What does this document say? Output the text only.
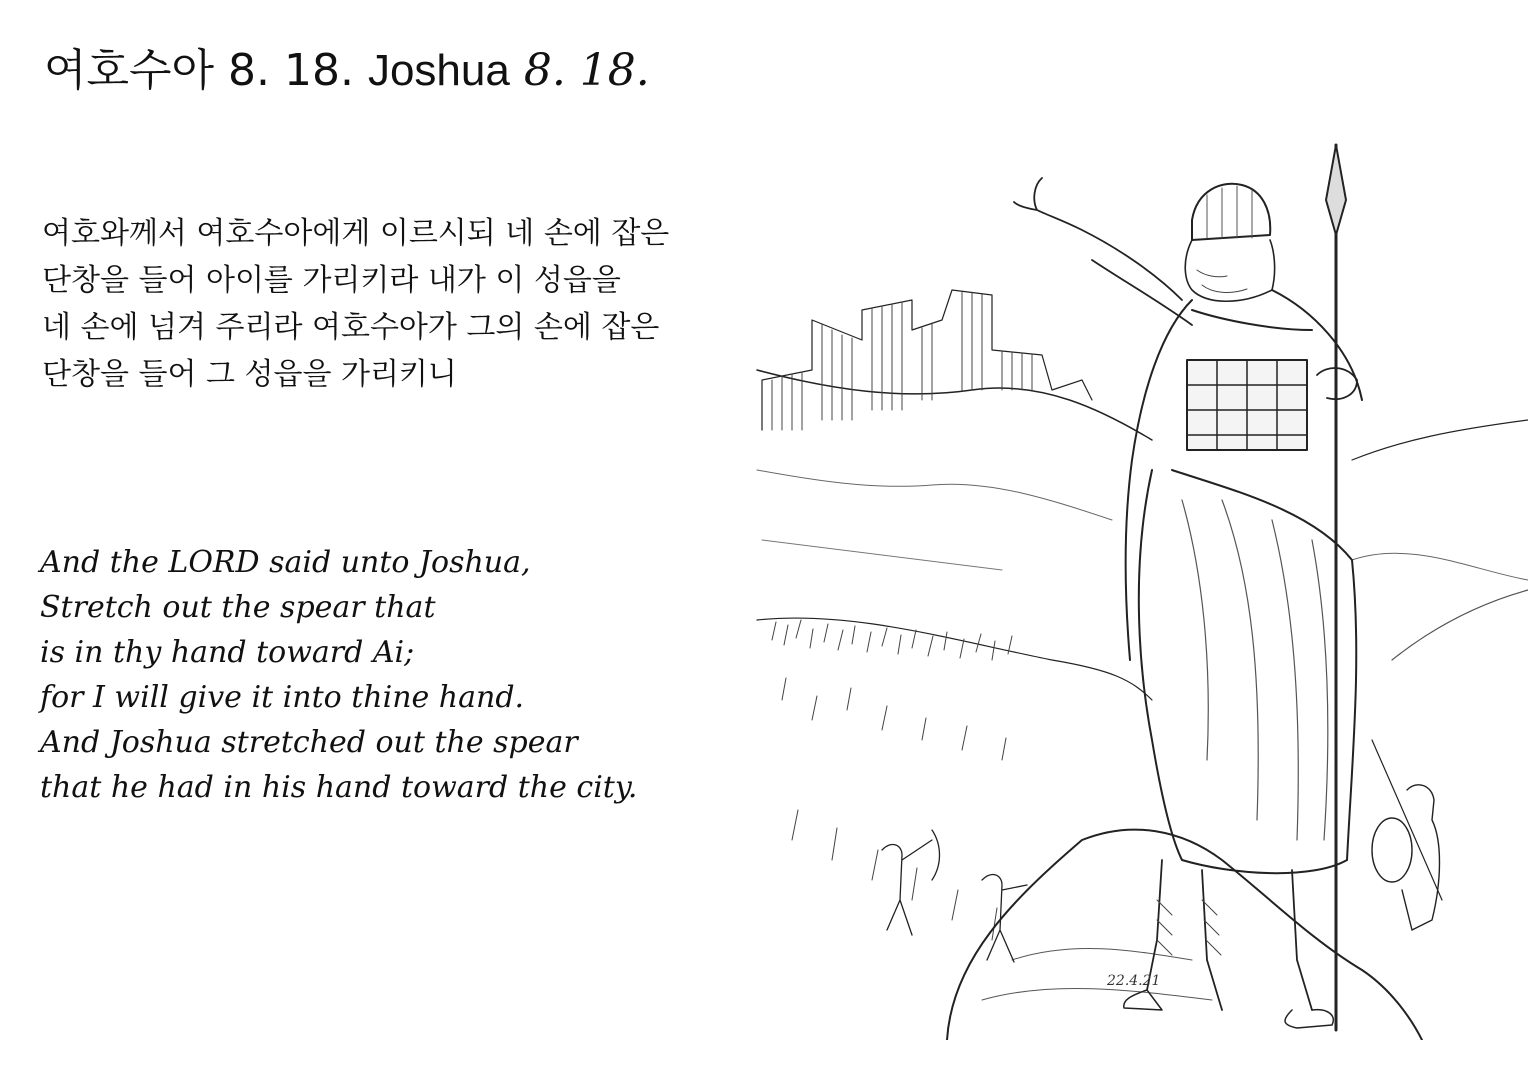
여호수아 8. 18. Joshua 8. 18.
여호와께서 여호수아에게 이르시되 네 손에 잡은
단창을 들어 아이를 가리키라 내가 이 성읍을
네 손에 넘겨 주리라 여호수아가 그의 손에 잡은
단창을 들어 그 성읍을 가리키니
And the LORD said unto Joshua,
Stretch out the spear that
is in thy hand toward Ai;
for I will give it into thine hand.
And Joshua stretched out the spear
that he had in his hand toward the city.
22.4.21
